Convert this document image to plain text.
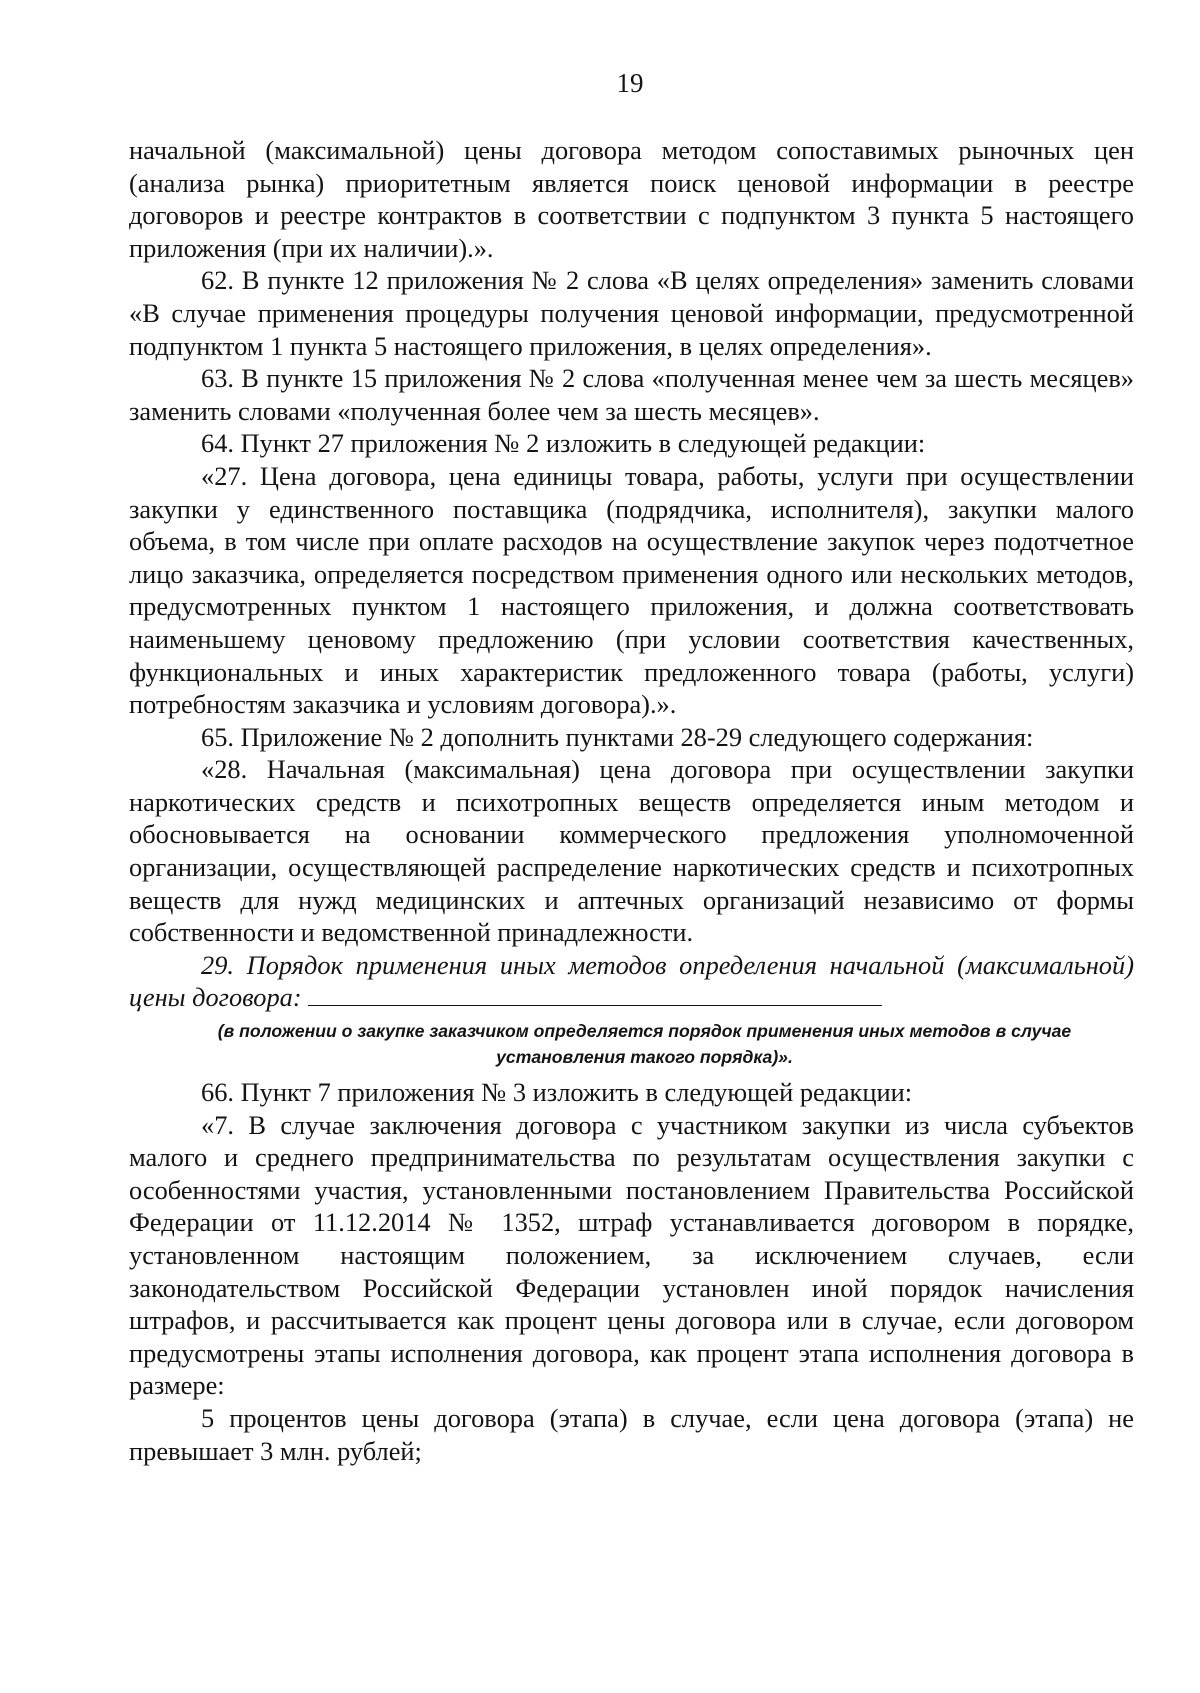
19

начальной (максимальной) цены договора методом сопоставимых рыночных цен (анализа рынка) приоритетным является поиск ценовой информации в реестре договоров и реестре контрактов в соответствии с подпунктом 3 пункта 5 настоящего приложения (при их наличии).».

62. В пункте 12 приложения № 2 слова «В целях определения» заменить словами «В случае применения процедуры получения ценовой информации, предусмотренной подпунктом 1 пункта 5 настоящего приложения, в целях определения».

63. В пункте 15 приложения № 2 слова «полученная менее чем за шесть месяцев» заменить словами «полученная более чем за шесть месяцев».

64. Пункт 27 приложения № 2 изложить в следующей редакции:

«27. Цена договора, цена единицы товара, работы, услуги при осуществлении закупки у единственного поставщика (подрядчика, исполнителя), закупки малого объема, в том числе при оплате расходов на осуществление закупок через подотчетное лицо заказчика, определяется посредством применения одного или нескольких методов, предусмотренных пунктом 1 настоящего приложения, и должна соответствовать наименьшему ценовому предложению (при условии соответствия качественных, функциональных и иных характеристик предложенного товара (работы, услуги) потребностям заказчика и условиям договора).».

65. Приложение № 2 дополнить пунктами 28-29 следующего содержания:

«28. Начальная (максимальная) цена договора при осуществлении закупки наркотических средств и психотропных веществ определяется иным методом и обосновывается на основании коммерческого предложения уполномоченной организации, осуществляющей распределение наркотических средств и психотропных веществ для нужд медицинских и аптечных организаций независимо от формы собственности и ведомственной принадлежности.

29. Порядок применения иных методов определения начальной (максимальной) цены договора:

(в положении о закупке заказчиком определяется порядок применения иных методов в случае установления такого порядка)».

66. Пункт 7 приложения № 3 изложить в следующей редакции:

«7. В случае заключения договора с участником закупки из числа субъектов малого и среднего предпринимательства по результатам осуществления закупки с особенностями участия, установленными постановлением Правительства Российской Федерации от 11.12.2014 № 1352, штраф устанавливается договором в порядке, установленном настоящим положением, за исключением случаев, если законодательством Российской Федерации установлен иной порядок начисления штрафов, и рассчитывается как процент цены договора или в случае, если договором предусмотрены этапы исполнения договора, как процент этапа исполнения договора в размере:

5 процентов цены договора (этапа) в случае, если цена договора (этапа) не превышает 3 млн. рублей;
